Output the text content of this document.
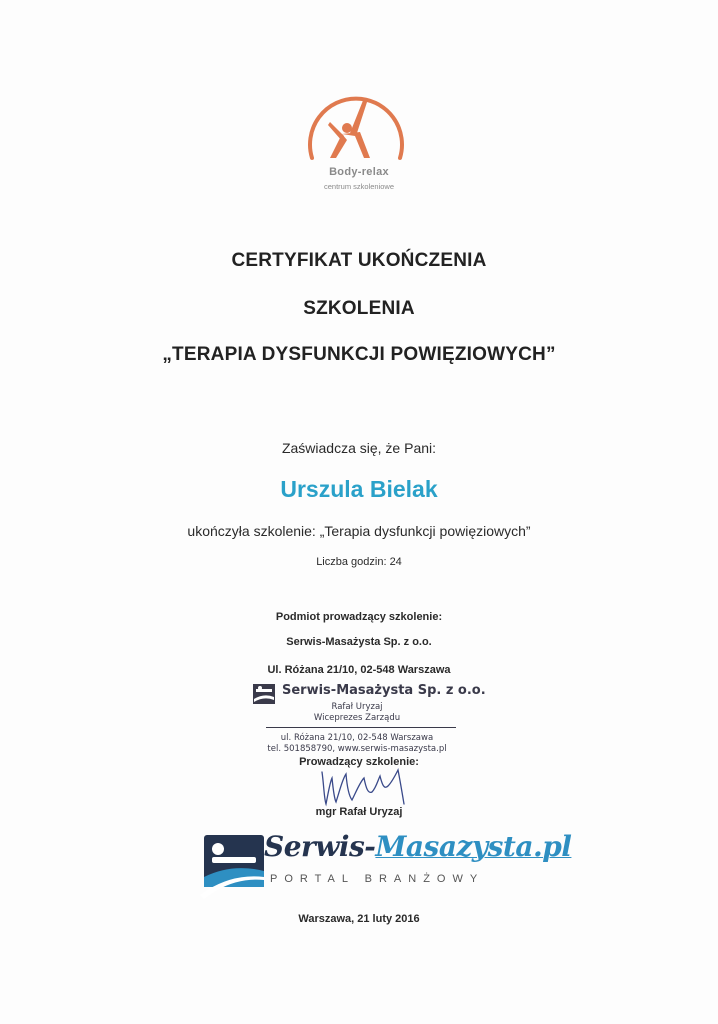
Body-relax
centrum szkoleniowe
CERTYFIKAT UKOŃCZENIA
SZKOLENIA
„TERAPIA DYSFUNKCJI POWIĘZIOWYCH”
Zaświadcza się, że Pani:
Urszula Bielak
ukończyła szkolenie: „Terapia dysfunkcji powięziowych”
Liczba godzin: 24
Podmiot prowadzący szkolenie:
Serwis-Masażysta Sp. z o.o.
Ul. Różana 21/10, 02-548 Warszawa
Serwis-Masażysta Sp. z o.o.
Rafał Uryzaj
Wiceprezes Zarządu
ul. Różana 21/10, 02-548 Warszawa
tel. 501858790, www.serwis-masazysta.pl
Prowadzący szkolenie:
mgr Rafał Uryzaj
Serwis-Masazysta.pl
PORTAL BRANŻOWY
Warszawa, 21 luty 2016
